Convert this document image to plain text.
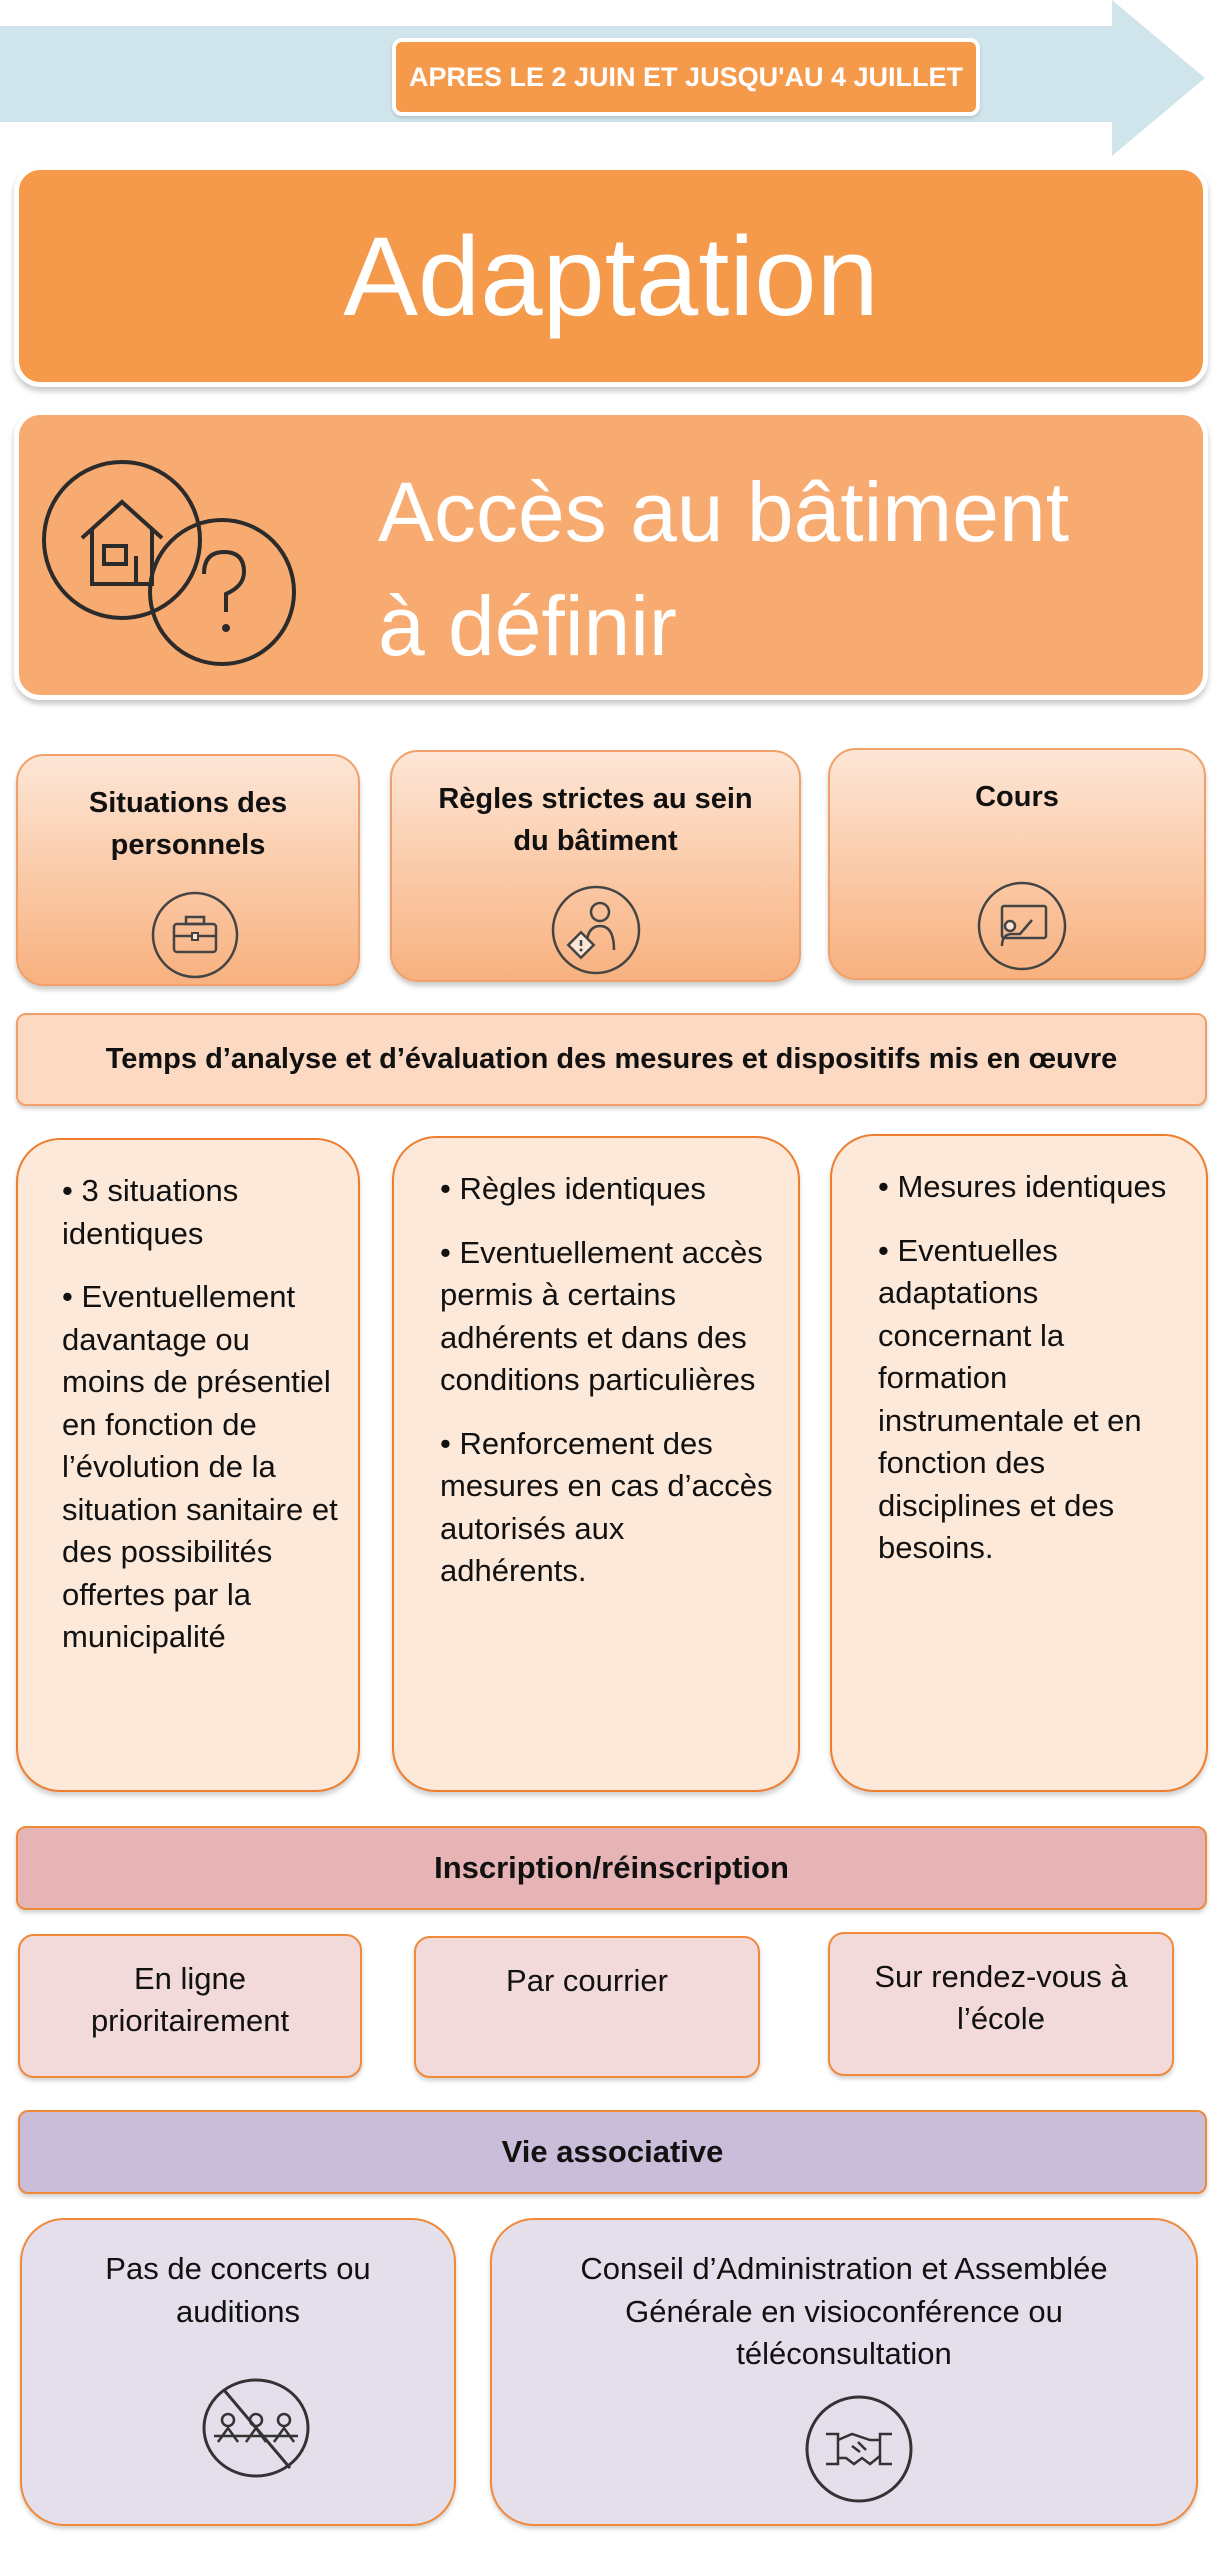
APRES LE 2 JUIN ET JUSQU'AU 4 JUILLET
Adaptation
Accès au bâtiment
à définir
Situations des
personnels
Règles strictes au sein
du bâtiment
Cours
Temps d’analyse et d’évaluation des mesures et dispositifs mis en œuvre

• 3 situations identiques

• Eventuellement davantage ou moins de présentiel en fonction de l’évolution de la situation sanitaire et des possibilités offertes par la municipalité

• Règles identiques

• Eventuellement accès permis à certains adhérents et dans des conditions particulières

• Renforcement des mesures en cas d’accès autorisés aux adhérents.

• Mesures identiques

• Eventuelles adaptations concernant la formation instrumentale et en fonction des disciplines et des besoins.

Inscription/réinscription
En ligne
prioritairement
Par courrier	Sur rendez-vous à
l’école
Vie associative
Pas de concerts ou
auditions
Conseil d’Administration et Assemblée
Générale en visioconférence ou
téléconsultation
